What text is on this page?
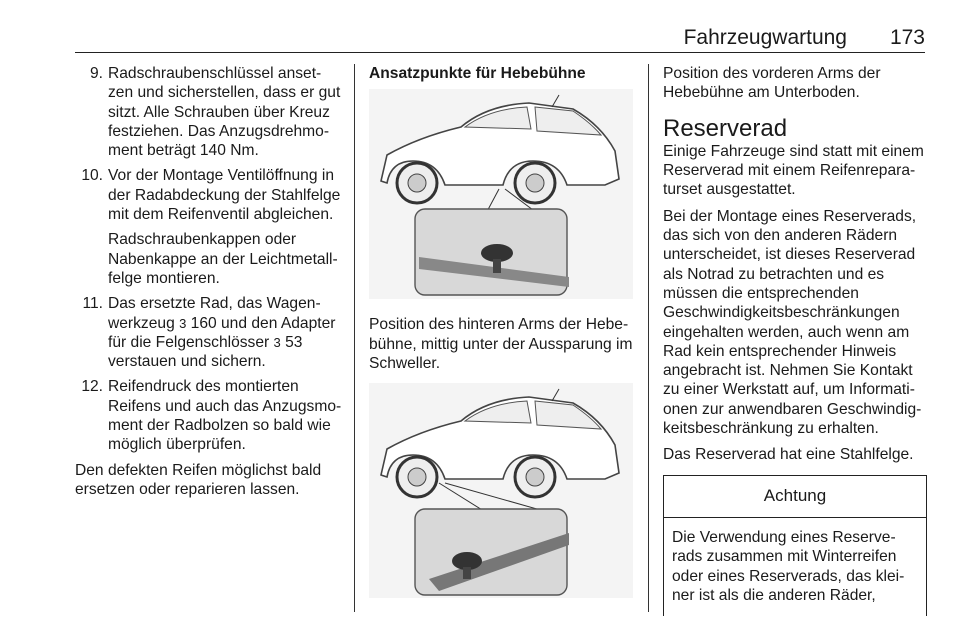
Fahrzeugwartung 173
9. Radschraubenschlüssel anset-zen und sicherstellen, dass er gut sitzt. Alle Schrauben über Kreuz festziehen. Das Anzugsdrehmo-ment beträgt 140 Nm.
10. Vor der Montage Ventilöffnung in der Radabdeckung der Stahlfelge mit dem Reifenventil abgleichen.

Radschraubenkappen oder Nabenkappe an der Leichtmetall-felge montieren.

11. Das ersetzte Rad, das Wagen-werkzeug 3 160 und den Adapter für die Felgenschlösser 3 53 verstauen und sichern.
12. Reifendruck des montierten Reifens und auch das Anzugsmo-ment der Radbolzen so bald wie möglich überprüfen.

Den defekten Reifen möglichst bald ersetzen oder reparieren lassen.

Ansatzpunkte für Hebebühne

Position des hinteren Arms der Hebe-bühne, mittig unter der Aussparung im Schweller.

Position des vorderen Arms der Hebebühne am Unterboden.

Reserverad

Einige Fahrzeuge sind statt mit einem Reserverad mit einem Reifenrepara-turset ausgestattet.

Bei der Montage eines Reserverads, das sich von den anderen Rädern unterscheidet, ist dieses Reserverad als Notrad zu betrachten und es müssen die entsprechenden Geschwindigkeitsbeschränkungen eingehalten werden, auch wenn am Rad kein entsprechender Hinweis angebracht ist. Nehmen Sie Kontakt zu einer Werkstatt auf, um Informati-onen zur anwendbaren Geschwindig-keitsbeschränkung zu erhalten.

Das Reserverad hat eine Stahlfelge.

Achtung
Die Verwendung eines Reserve-rads zusammen mit Winterreifen oder eines Reserverads, das klei-ner ist als die anderen Räder,
